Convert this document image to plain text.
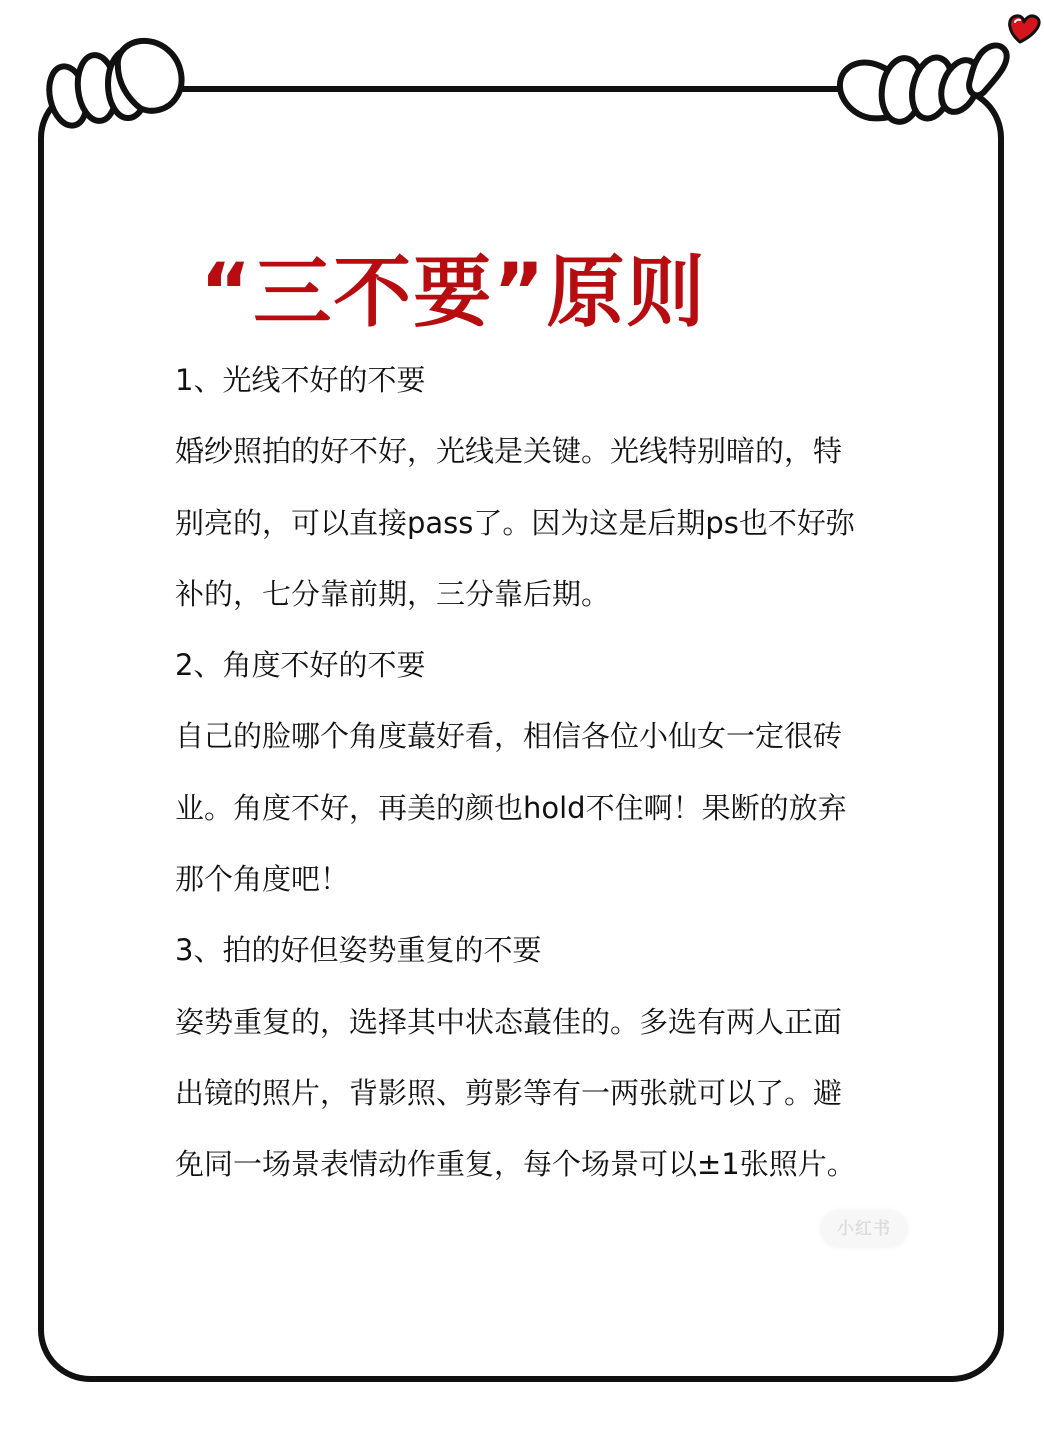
“三不要”原则

1、光线不好的不要

婚纱照拍的好不好，光线是关键。光线特别暗的，特别亮的，可以直接pass了。因为这是后期ps也不好弥补的，七分靠前期，三分靠后期。

2、角度不好的不要

自己的脸哪个角度蕞好看，相信各位小仙女一定很砖业。角度不好，再美的颜也hold不住啊！果断的放弃那个角度吧！

3、拍的好但姿势重复的不要

姿势重复的，选择其中状态蕞佳的。多选有两人正面出镜的照片，背影照、剪影等有一两张就可以了。避免同一场景表情动作重复，每个场景可以±1张照片。

小红书
